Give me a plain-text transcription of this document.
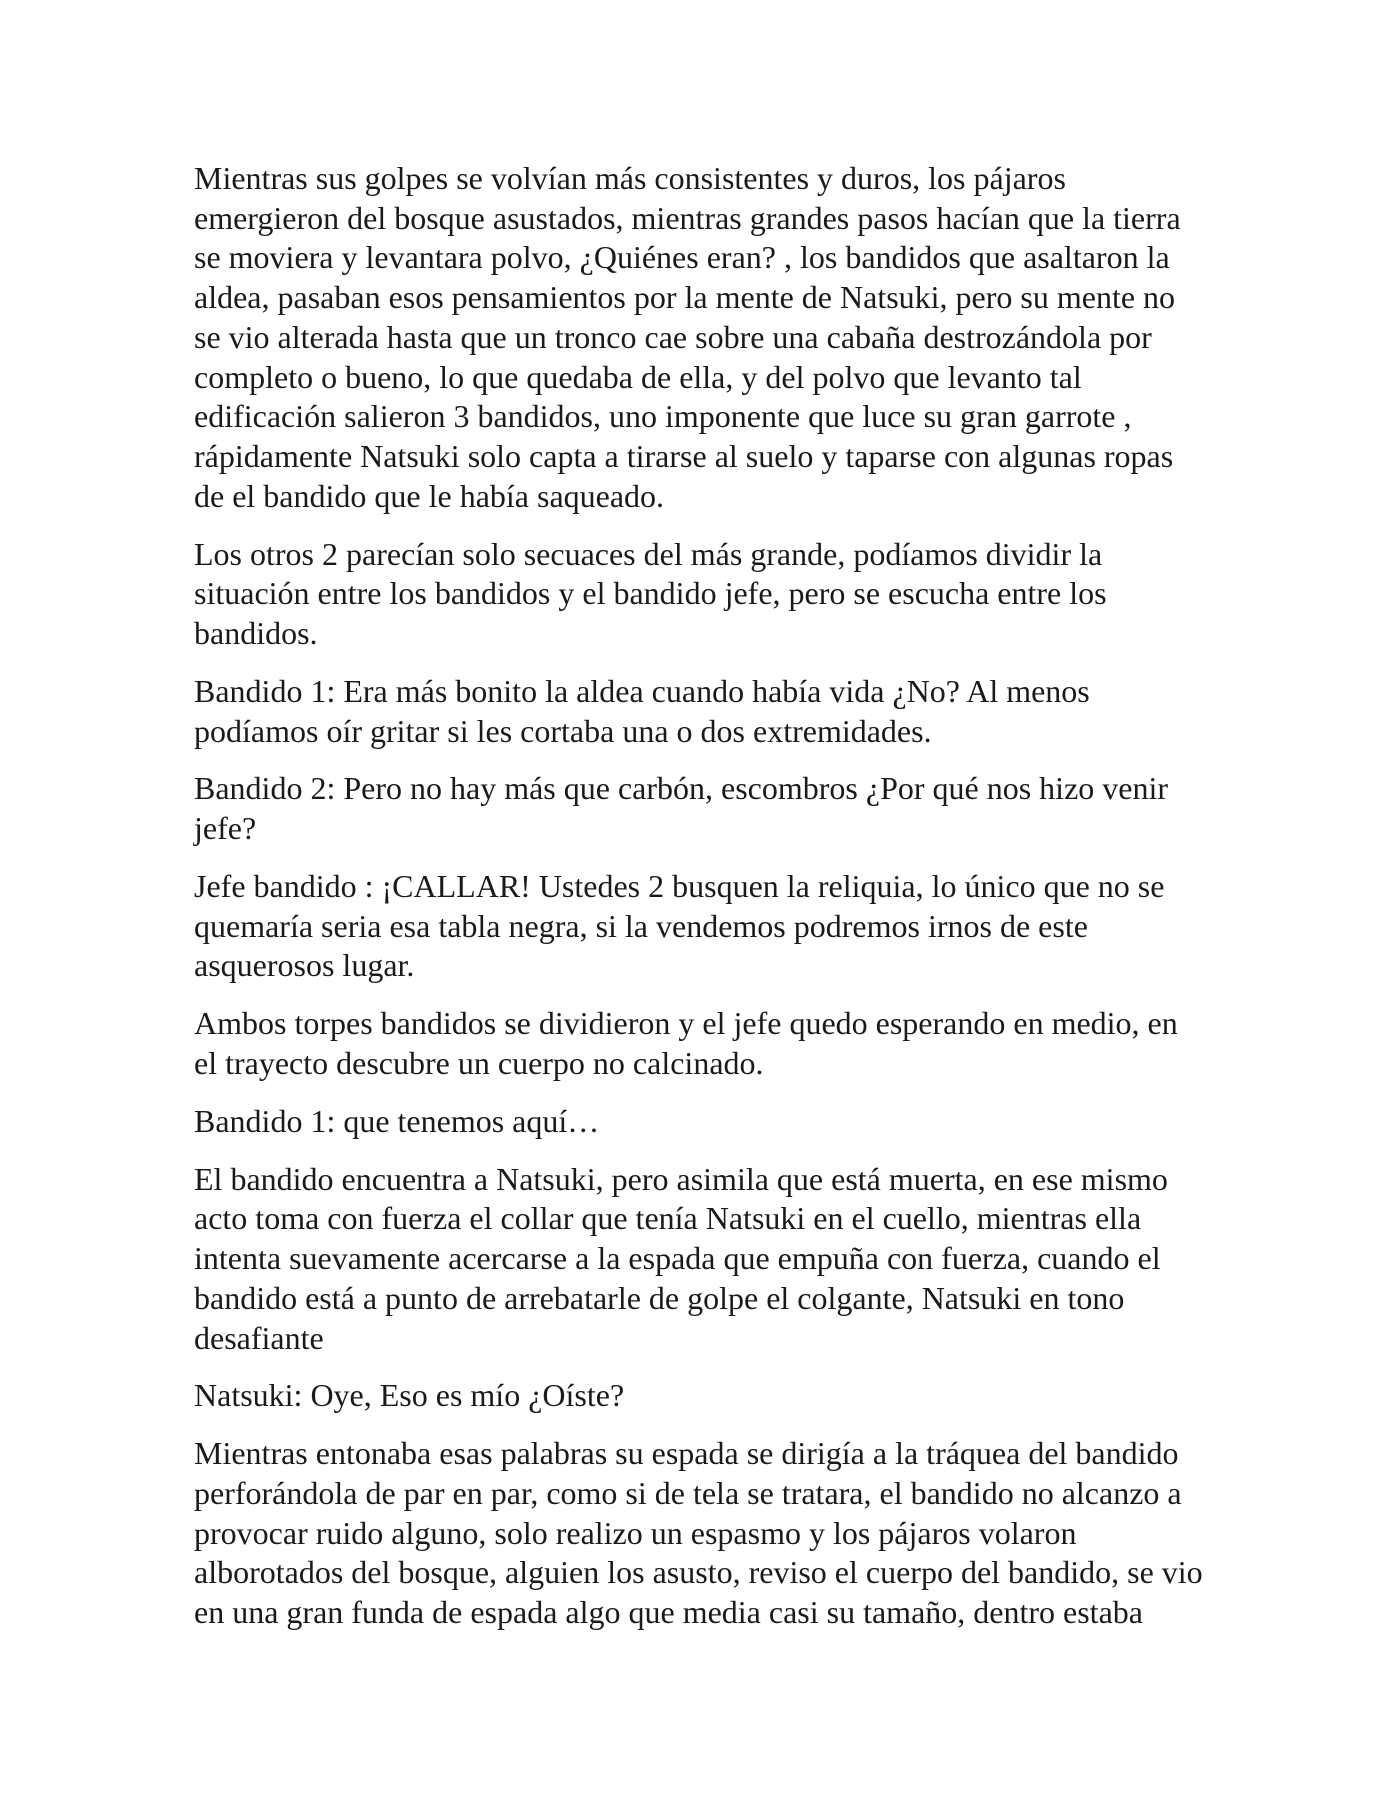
Mientras sus golpes se volvían más consistentes y duros, los pájaros
emergieron del bosque asustados, mientras grandes pasos hacían que la tierra
se moviera y levantara polvo, ¿Quiénes eran? , los bandidos que asaltaron la
aldea, pasaban esos pensamientos por la mente de Natsuki, pero su mente no
se vio alterada hasta que un tronco cae sobre una cabaña destrozándola por
completo o bueno, lo que quedaba de ella, y del polvo que levanto tal
edificación salieron 3 bandidos, uno imponente que luce su gran garrote ,
rápidamente Natsuki solo capta a tirarse al suelo y taparse con algunas ropas
de el bandido que le había saqueado.

Los otros 2 parecían solo secuaces del más grande, podíamos dividir la
situación entre los bandidos y el bandido jefe, pero se escucha entre los
bandidos.

Bandido 1: Era más bonito la aldea cuando había vida ¿No? Al menos
podíamos oír gritar si les cortaba una o dos extremidades.

Bandido 2: Pero no hay más que carbón, escombros ¿Por qué nos hizo venir
jefe?

Jefe bandido : ¡CALLAR! Ustedes 2 busquen la reliquia, lo único que no se
quemaría seria esa tabla negra, si la vendemos podremos irnos de este
asquerosos lugar.

Ambos torpes bandidos se dividieron y el jefe quedo esperando en medio, en
el trayecto descubre un cuerpo no calcinado.

Bandido 1: que tenemos aquí…

El bandido encuentra a Natsuki, pero asimila que está muerta, en ese mismo
acto toma con fuerza el collar que tenía Natsuki en el cuello, mientras ella
intenta suevamente acercarse a la espada que empuña con fuerza, cuando el
bandido está a punto de arrebatarle de golpe el colgante, Natsuki en tono
desafiante

Natsuki: Oye, Eso es mío ¿Oíste?

Mientras entonaba esas palabras su espada se dirigía a la tráquea del bandido
perforándola de par en par, como si de tela se tratara, el bandido no alcanzo a
provocar ruido alguno, solo realizo un espasmo y los pájaros volaron
alborotados del bosque, alguien los asusto, reviso el cuerpo del bandido, se vio
en una gran funda de espada algo que media casi su tamaño, dentro estaba
